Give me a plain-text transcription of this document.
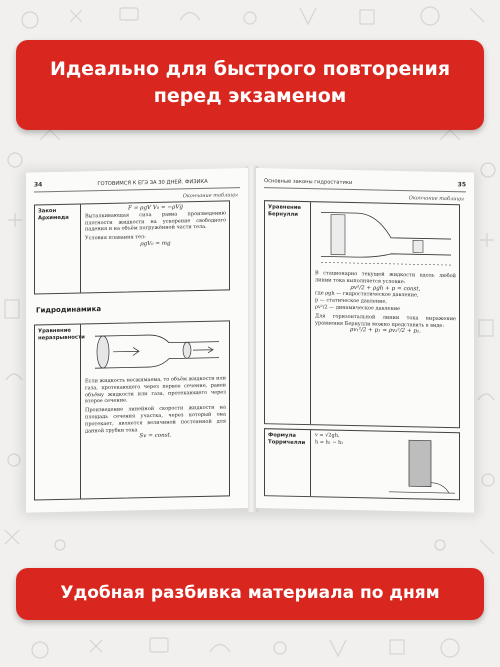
Идеально для быстрого повторения
перед экзаменом
34	ГОТОВИМСЯ К ЕГЭ ЗА 30 ДНЕЙ. ФИЗИКА
Окончание таблицы
Закон Архимеда
F = ρgV V₀ = −ρVg̅
Выталкивающая сила равна произведению плотности жидкости на ускорение свободного падения и на объём погружённой части тела.
Условия плавания тел:
ρgV₀ = mg
Гидродинамика
Уравнение неразрывности
Если жидкость несжимаема, то объём жидкости или газа, протекающего через первое сечение, равен объёму жидкости или газа, протекающего через второе сечение.
Произведение линейной скорости жидкости на площадь сечения участка, через который она протекает, является величиной постоянной для данной трубки тока
Sv = const.
Основные законы гидростатики	35
Окончание таблицы
Уравнение Бернулли
В стационарно текущей жидкости вдоль любой линии тока выполняется условие:
ρv²/2 + ρgh + p = const,
где ρgh — гидростатическое давление,
p — статическое давление,
ρv²/2 — динамическое давление
Для горизонтальной линии тока выражение уравнения Бернулли можно представить в виде:
ρv₁²/2 + p₁ = ρv₂²/2 + p₂.
Формула Торричелли
v = √2gh,
h = h₁ − h₂
Удобная разбивка материала по дням
